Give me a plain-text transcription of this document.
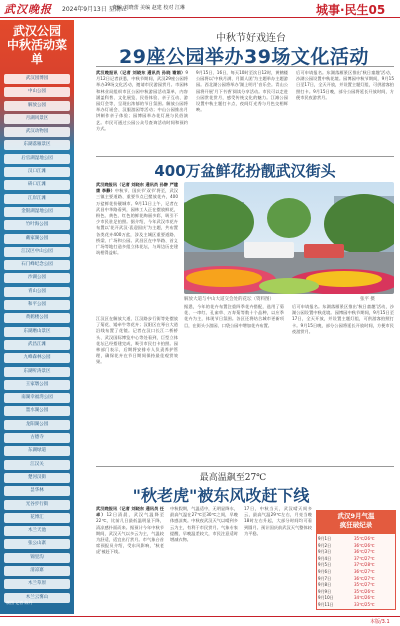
武汉晚报 2024年9月13日 星期五
责编 刘晓蕾 美编 赵建 校对 江琳	城事·民生05
武汉公园
中秋活动菜单
武汉园博园
中山公园
解放公园
月湖风景区
武汉动物园
东湖落雁景区
后官湖湿地公园
汉口江滩
硚口江滩
江岸江滩
金银湖湿地公园
竹叶海公园
戴家湖公园
江汉区中山公园
石门峰纪念公园
沙湖公园
青山公园
和平公园
黄鹤楼公园
东湖磨山景区
武昌江滩
九峰森林公园
东湖听涛景区
王家墩公园
南湖幸福湾公园
墨水湖公园
龙阳湖公园
古德寺
东湖绿道
江汉关
楚河汉街
昙华林
光谷步行街
花博汇
木兰天池
张公山寨
锦里沟
清凉寨
木兰草原
木兰云雾山
制图 记者 陈丹
中秋节好戏连台
29座公园举办39场文化活动
武汉晚报讯（记者 刘晓东 通讯员 孙晓 谢娟）9月12日记者获悉，中秋节期间，武汉29座公园将举办39场文化活动，邀请市民游园赏月。市园林和林业局组织市区公园中秋游园活动菜单，内容涵盖科普、文化展览、民俗体验、亲子互动、游园灯会等，呈现出浓郁的节日氛围。解放公园将举办灯谜会、汉服游园等活动；中山公园推出月饼制作亲子体验；园博园举办花灯展与民俗演艺。市民可通过公园公众号查询活动时间和预约方式。
9月15日、16日，每天10时至次日12时，黄鹤楼公园将以'中秋月满、月圆人团'为主题举办主题游园。西北湖公园将举办'湖上明月'音乐会。青山公园将开展'月下书香'阅读分享活动。市民可以走进公园赏花赏月，感受传统文化的魅力。江滩公园设置中秋主题打卡点，夜间灯光秀与月色交相辉映。
后可申请报名。东湖落雁景区推出'秋日童趣'活动，沙湖公园设置中秋花境。园博园中秋节期间，9月15日至17日，全天开放，并设置主题灯组，可供游客拍照打卡。9月15日晚，部分公园将延长开放时间，方便市民夜游赏月。
400万盆鲜花扮靓武汉街头
武汉晚报讯（记者 刘晓东 通讯员 孙翀 严建康 李静）中秋节、国庆节'双节'将至，武汉三镇主要道路、重要节点已摆放花卉，400万盆鲜花扮靓城市。9月11日上午，记者在武昌中华路看到，园林工人正在摆放鲜花，粉色、黄色、红色的鲜花绚丽多彩，吸引不少市民驻足拍照。据介绍，今年武汉市花卉布置以'花开武汉·喜迎国庆'为主题，共布置各类花卉400万盆，涉及主城区重要道路、桥梁、广场和公园。武昌区在中华路、首义广场等地打造多组立体花坛，与周边历史建筑相得益彰。
江汉区在解放大道、江汉路步行街等处摆放了菊花、矮牵牛等花卉；汉阳区在琴台大道沿线布置了花镜。记者在汉口长江二桥桥头、武汉国际博览中心等处看到，巨型立体花坛已经搭建完成，吸引市民打卡拍照。园林部门表示，后期将安排专人负责养护管理，确保花卉在节日期间保持最佳观赏效果。
解放大道与中山大道交会处的花坛（资料图）	张平 摄
据悉，今年的花卉布置注重四季花卉搭配，选用了菊花、一串红、孔雀草、万寿菊等数十个品种，以应季花卉为主，体现节日氛围。各区还将结合城市更新项目，在街头小游园、口袋公园中增加花卉布置。
后可申请报名。东湖落雁景区推出'秋日童趣'活动，沙湖公园设置中秋花境。园博园中秋节期间，9月15日至17日，全天开放，并设置主题灯组，可供游客拍照打卡。9月15日晚，部分公园将延长开放时间，方便市民夜游赏月。
最高温飙至27℃
"秋老虎"被东风改赶下线
武汉晚报讯（记者 刘晓东 通讯员 任卓）12日清晨，武汉气温降至22℃，比前几日最低温明显下降，清凉感扑面而来。据预计今年中秋节期间，武汉天气以多云为主，气温较为舒适，适宜出行赏月。市气象台首席预报员介绍，受东风影响，'秋老虎'被赶下线。
中秋假期，气温适中，无明显降水，最高气温在27℃至30℃之间，早晚体感凉爽。中秋夜武汉天气以晴到多云为主，有利于市民赏月。气象专家提醒，早晚温差较大，市民注意适时增减衣物。
17日，中秋当天，武汉晴天间多云，最高气温29℃左右，月亮当晚18时左右升起，大部分时间均可看到圆月。预计国庆前武汉天气整体较为平稳。
武汉9月气温
疯狂破纪录
9月1日	35℃/26℃
9月2日	36℃/26℃
9月3日	36℃/27℃
9月4日	37℃/27℃
9月5日	37℃/28℃
9月6日	36℃/27℃
9月7日	36℃/27℃
9月8日	35℃/27℃
9月9日	35℃/26℃
9月10日	34℃/26℃
9月11日	33℃/25℃
本版/3.1
